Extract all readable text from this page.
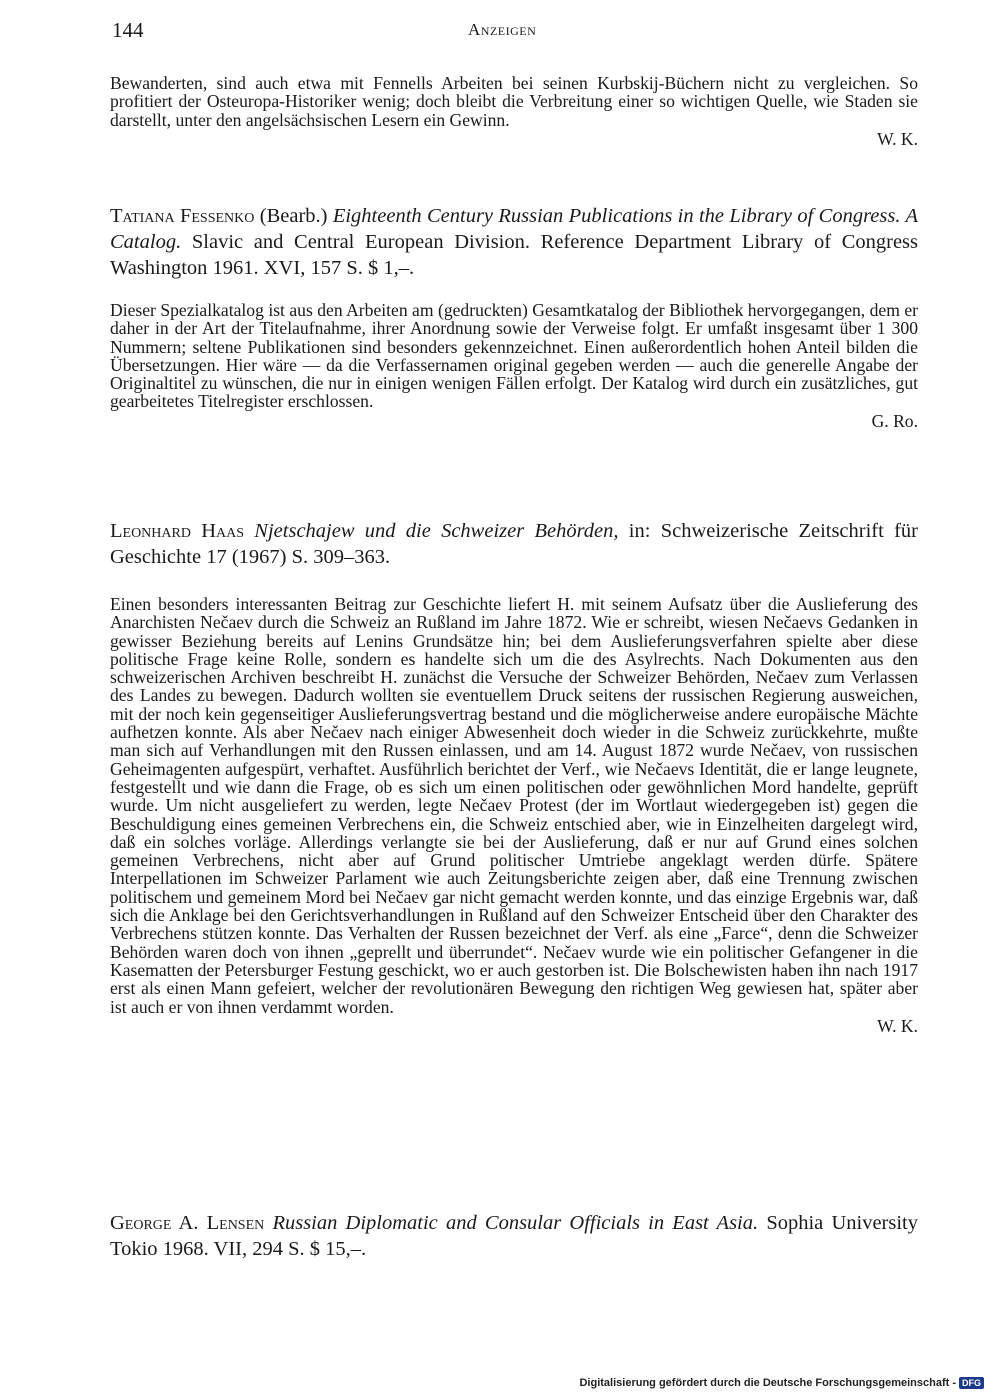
144	Anzeigen
Bewanderten, sind auch etwa mit Fennells Arbeiten bei seinen Kurbskij-Büchern nicht zu vergleichen. So profitiert der Osteuropa-Historiker wenig; doch bleibt die Verbreitung einer so wichtigen Quelle, wie Staden sie darstellt, unter den angelsächsischen Lesern ein Gewinn.
W. K.
Tatiana Fessenko (Bearb.) Eighteenth Century Russian Publications in the Library of Congress. A Catalog. Slavic and Central European Division. Reference Department Library of Congress Washington 1961. XVI, 157 S. $ 1,–.
Dieser Spezialkatalog ist aus den Arbeiten am (gedruckten) Gesamtkatalog der Bibliothek hervorgegangen, dem er daher in der Art der Titelaufnahme, ihrer Anordnung sowie der Verweise folgt. Er umfaßt insgesamt über 1 300 Nummern; seltene Publikationen sind besonders gekennzeichnet. Einen außerordentlich hohen Anteil bilden die Übersetzungen. Hier wäre — da die Verfassernamen original gegeben werden — auch die generelle Angabe der Originaltitel zu wünschen, die nur in einigen wenigen Fällen erfolgt. Der Katalog wird durch ein zusätzliches, gut gearbeitetes Titelregister erschlossen.
G. Ro.
Leonhard Haas Njetschajew und die Schweizer Behörden, in: Schweizerische Zeitschrift für Geschichte 17 (1967) S. 309–363.
Einen besonders interessanten Beitrag zur Geschichte liefert H. mit seinem Aufsatz über die Auslieferung des Anarchisten Nečaev durch die Schweiz an Rußland im Jahre 1872. Wie er schreibt, wiesen Nečaevs Gedanken in gewisser Beziehung bereits auf Lenins Grundsätze hin; bei dem Auslieferungsverfahren spielte aber diese politische Frage keine Rolle, sondern es handelte sich um die des Asylrechts. Nach Dokumenten aus den schweizerischen Archiven beschreibt H. zunächst die Versuche der Schweizer Behörden, Nečaev zum Verlassen des Landes zu bewegen. Dadurch wollten sie eventuellem Druck seitens der russischen Regierung ausweichen, mit der noch kein gegenseitiger Auslieferungsvertrag bestand und die möglicherweise andere europäische Mächte aufhetzen konnte. Als aber Nečaev nach einiger Abwesenheit doch wieder in die Schweiz zurückkehrte, mußte man sich auf Verhandlungen mit den Russen einlassen, und am 14. August 1872 wurde Nečaev, von russischen Geheimagenten aufgespürt, verhaftet. Ausführlich berichtet der Verf., wie Nečaevs Identität, die er lange leugnete, festgestellt und wie dann die Frage, ob es sich um einen politischen oder gewöhnlichen Mord handelte, geprüft wurde. Um nicht ausgeliefert zu werden, legte Nečaev Protest (der im Wortlaut wiedergegeben ist) gegen die Beschuldigung eines gemeinen Verbrechens ein, die Schweiz entschied aber, wie in Einzelheiten dargelegt wird, daß ein solches vorläge. Allerdings verlangte sie bei der Auslieferung, daß er nur auf Grund eines solchen gemeinen Verbrechens, nicht aber auf Grund politischer Umtriebe angeklagt werden dürfe. Spätere Interpellationen im Schweizer Parlament wie auch Zeitungsberichte zeigen aber, daß eine Trennung zwischen politischem und gemeinem Mord bei Nečaev gar nicht gemacht werden konnte, und das einzige Ergebnis war, daß sich die Anklage bei den Gerichtsverhandlungen in Rußland auf den Schweizer Entscheid über den Charakter des Verbrechens stützen konnte. Das Verhalten der Russen bezeichnet der Verf. als eine „Farce“, denn die Schweizer Behörden waren doch von ihnen „geprellt und überrundet“. Nečaev wurde wie ein politischer Gefangener in die Kasematten der Petersburger Festung geschickt, wo er auch gestorben ist. Die Bolschewisten haben ihn nach 1917 erst als einen Mann gefeiert, welcher der revolutionären Bewegung den richtigen Weg gewiesen hat, später aber ist auch er von ihnen verdammt worden.
W. K.
George A. Lensen Russian Diplomatic and Consular Officials in East Asia. Sophia University Tokio 1968. VII, 294 S. $ 15,–.
Digitalisierung gefördert durch die Deutsche Forschungsgemeinschaft - DFG
